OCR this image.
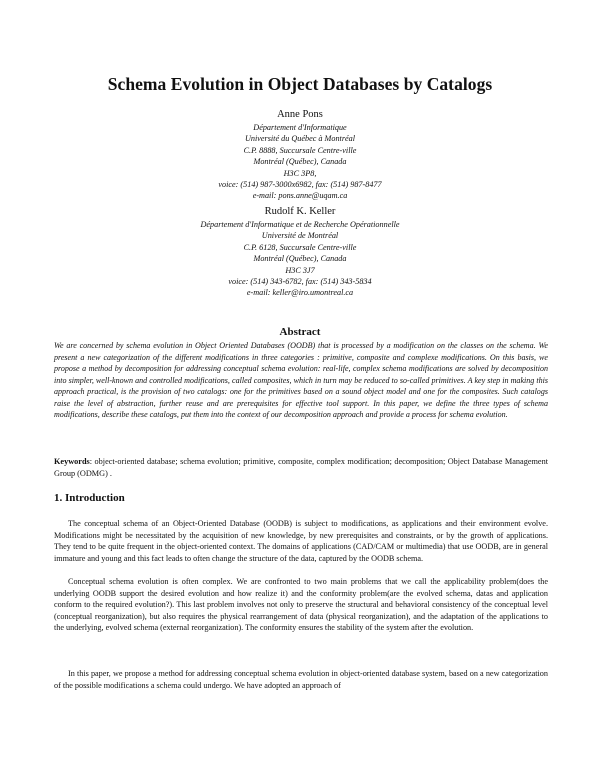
Schema Evolution in Object Databases by Catalogs
Anne Pons
Département d'Informatique
Université du Québec à Montréal
C.P. 8888, Succursale Centre-ville
Montréal (Québec), Canada
H3C 3P8,
voice: (514) 987-3000x6982, fax: (514) 987-8477
e-mail: pons.anne@uqam.ca
Rudolf K. Keller
Département d'Informatique et de Recherche Opérationnelle
Université de Montréal
C.P. 6128, Succursale Centre-ville
Montréal (Québec), Canada
H3C 3J7
voice: (514) 343-6782, fax: (514) 343-5834
e-mail: keller@iro.umontreal.ca
Abstract
We are concerned by schema evolution in Object Oriented Databases (OODB) that is processed by a modification on the classes on the schema. We present a new categorization of the different modifications in three categories : primitive, composite and complexe modifications. On this basis, we propose a method by decomposition for addressing conceptual schema evolution: real-life, complex schema modifications are solved by decomposition into simpler, well-known and controlled modifications, called composites, which in turn may be reduced to so-called primitives. A key step in making this approach practical, is the provision of two catalogs: one for the primitives based on a sound object model and one for the composites. Such catalogs raise the level of abstraction, further reuse and are prerequisites for effective tool support. In this paper, we define the three types of schema modifications, describe these catalogs, put them into the context of our decomposition approach and provide a process for schema evolution.
Keywords: object-oriented database; schema evolution; primitive, composite, complex modification; decomposition; Object Database Management Group (ODMG) .
1. Introduction
The conceptual schema of an Object-Oriented Database (OODB) is subject to modifications, as applications and their environment evolve. Modifications might be necessitated by the acquisition of new knowledge, by new prerequisites and constraints, or by the growth of applications. They tend to be quite frequent in the object-oriented context. The domains of applications (CAD/CAM or multimedia) that use OODB, are in general immature and young and this fact leads to often change the structure of the data, captured by the OODB schema.
Conceptual schema evolution is often complex. We are confronted to two main problems that we call the applicability problem(does the underlying OODB support the desired evolution and how realize it) and the conformity problem(are the evolved schema, datas and application conform to the required evolution?). This last problem involves not only to preserve the structural and behavioral consistency of the conceptual level (conceptual reorganization), but also requires the physical rearrangement of data (physical reorganization), and the adaptation of the applications to the underlying, evolved schema (external reorganization). The conformity ensures the stability of the system after the evolution.
In this paper, we propose a method for addressing conceptual schema evolution in object-oriented database system, based on a new categorization of the possible modifications a schema could undergo. We have adopted an approach of
